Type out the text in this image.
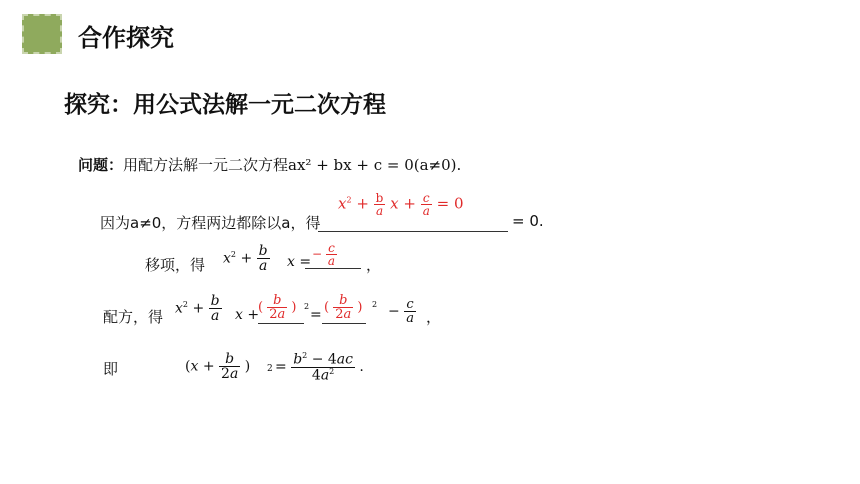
合作探究
探究：用公式法解一元二次方程
问题：用配方法解一元二次方程ax² + bx + c = 0(a≠0).
因为a≠0，方程两边都除以a，得
$x^2 + \frac{b}{a}$ $x + \frac{c}{a} = 0$
= 0.
移项，得 $x^2 + \frac{b}{a}$ x = − $\frac{c}{a}$ ，
配方，得 $x^2 + \frac{b}{a}$ x +
( $\frac{b}{2a}$ ) 2
= ( $\frac{b}{2a}$ ) $2 - \frac{c}{a}$ ，
即	($x + \frac{b}{2a}$ ) $2 = \frac{b^2 - 4ac}{4a^2}$ .
